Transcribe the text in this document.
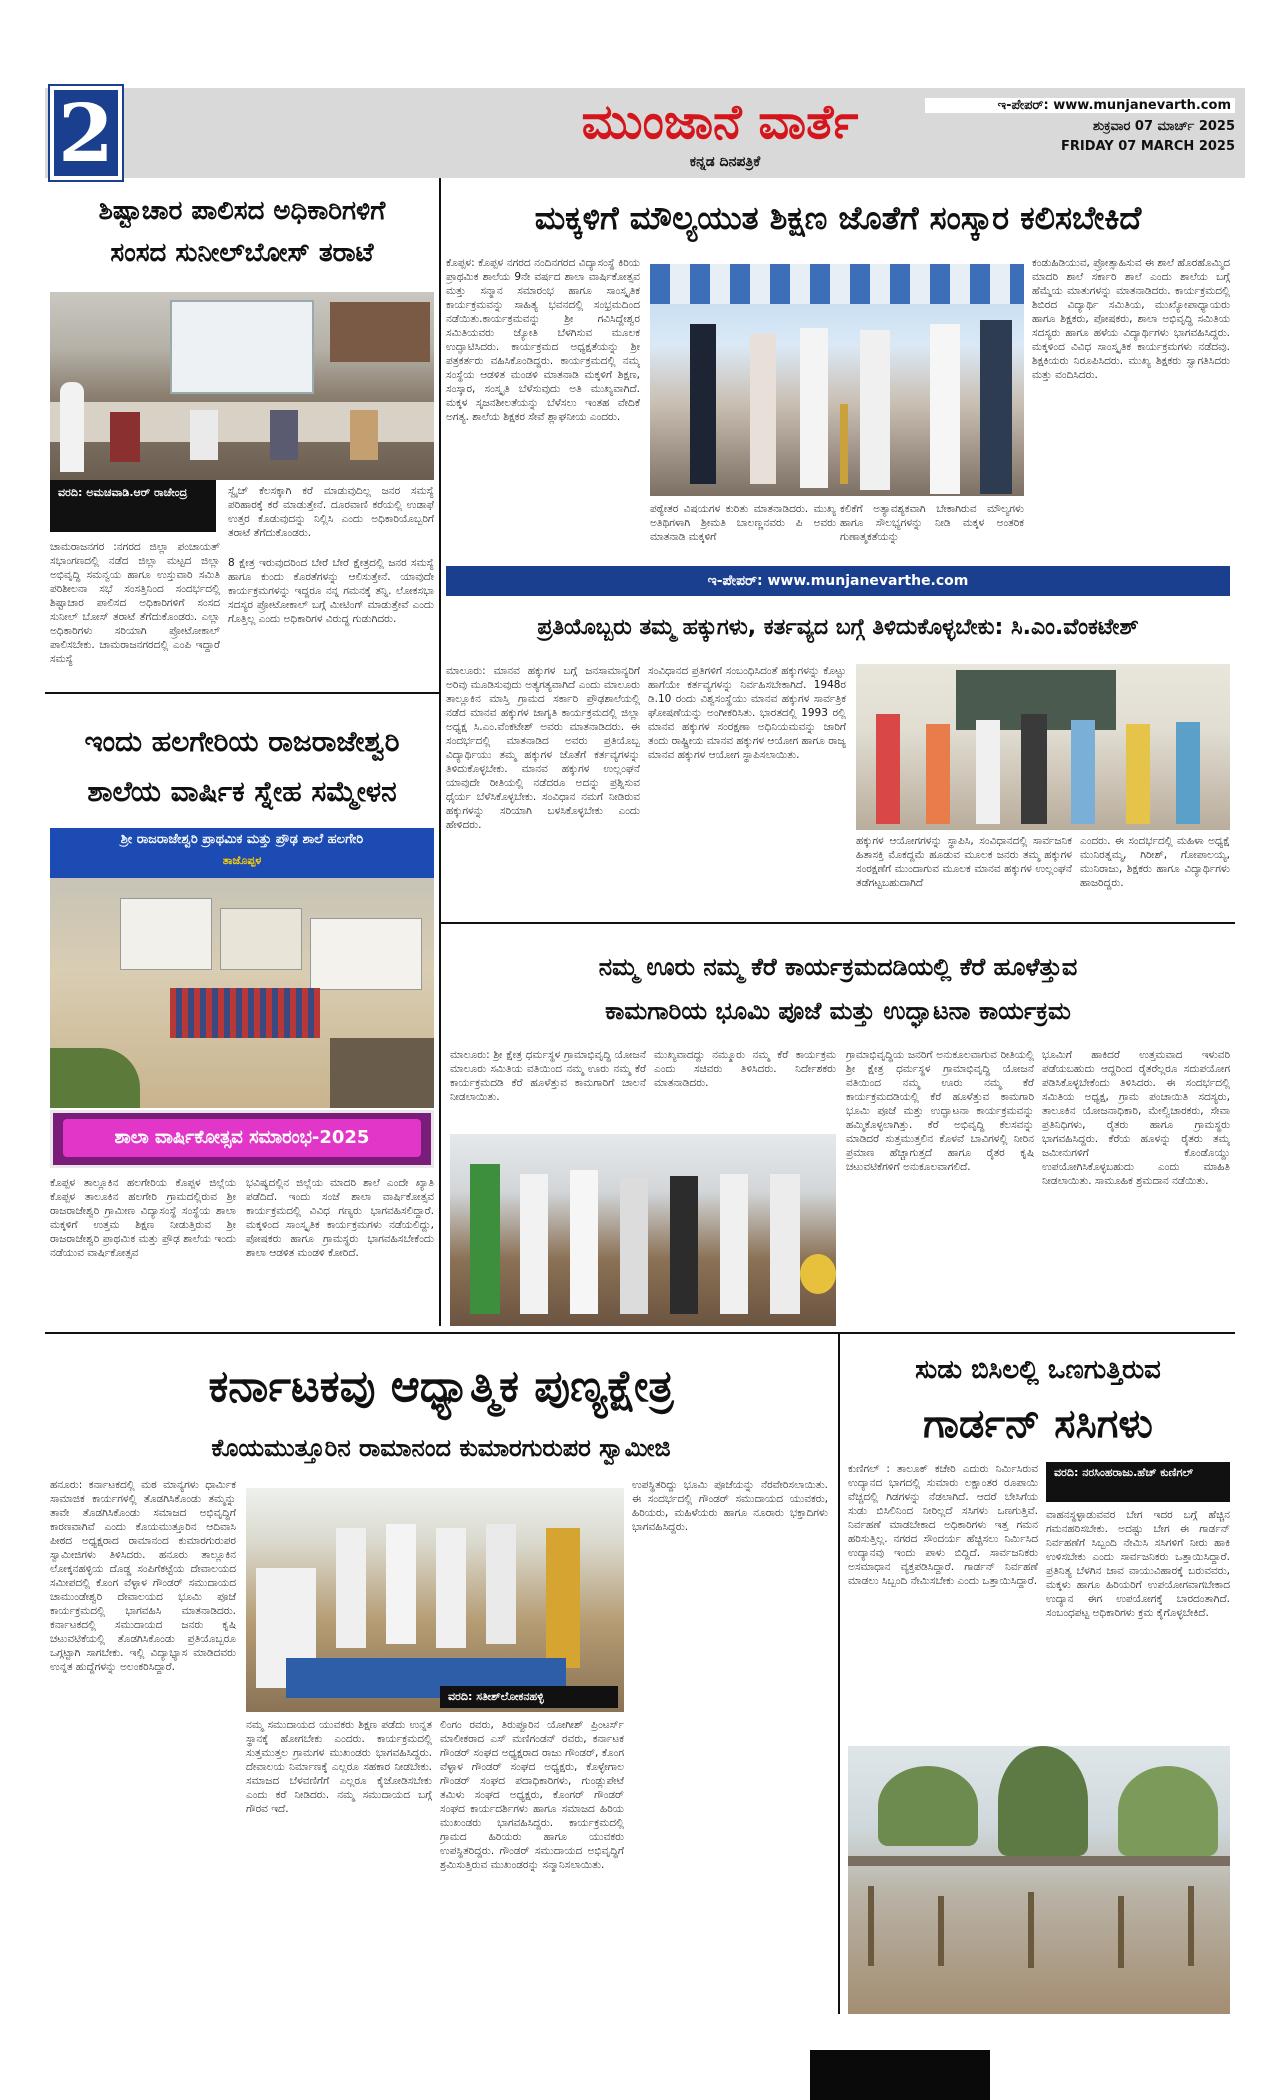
2	ಮುಂಜಾನೆ ವಾರ್ತೆ
ಕನ್ನಡ ದಿನಪತ್ರಿಕೆ
ಇ-ಪೇಪರ್: www.munjanevarth.com
ಶುಕ್ರವಾರ 07 ಮಾರ್ಚ್ 2025
FRIDAY 07 MARCH 2025
ಶಿಷ್ಟಾಚಾರ ಪಾಲಿಸದ ಅಧಿಕಾರಿಗಳಿಗೆ
ಸಂಸದ ಸುನೀಲ್‌ಬೋಸ್ ತರಾಟೆ
ವರದಿ: ಅಮಚವಾಡಿ.ಆರ್ ರಾಚೇಂದ್ರ	ಸ್ವೈಚ್ ಕೆಲಸಕ್ಕಾಗಿ ಕರೆ ಮಾಡುವುದಿಲ್ಲ ಜನರ ಸಮಸ್ಯೆ ಪರಿಹಾರಕ್ಕೆ ಕರೆ ಮಾಡುತ್ತೇನೆ. ದೂರವಾಣಿ ಕರೆಯಲ್ಲಿ ಉಡಾಫೆ ಉತ್ತರ ಕೊಡುವುದನ್ನು ನಿಲ್ಲಿಸಿ ಎಂದು ಅಧಿಕಾರಿಯೊಬ್ಬರಿಗೆ ತರಾಟೆ ತೆಗೆದುಕೊಂಡರು.
ಚಾಮರಾಜನಗರ :ನಗರದ ಜಿಲ್ಲಾ ಪಂಚಾಯತ್ ಸಭಾಂಗಣದಲ್ಲಿ ನಡೆದ ಜಿಲ್ಲಾ ಮಟ್ಟದ ಜಿಲ್ಲಾ ಅಭಿವೃದ್ಧಿ ಸಮನ್ವಯ ಹಾಗೂ ಉಸ್ತುವಾರಿ ಸಮಿತಿ ಪರಿಶೀಲನಾ ಸಭೆ ಸಂಸತ್ತಿನಿಂದ ಸಂದರ್ಭದಲ್ಲಿ ಶಿಷ್ಟಾಚಾರ ಪಾಲಿಸದ ಅಧಿಕಾರಿಗಳಿಗೆ ಸಂಸದ ಸುನೀಲ್ ಬೋಸ್ ತರಾಟೆ ತೆಗೆದುಕೊಂಡರು. ಎಲ್ಲಾ ಅಧಿಕಾರಿಗಳು ಸರಿಯಾಗಿ ಪ್ರೋಟೋಕಾಲ್ ಪಾಲಿಸಬೇಕು. ಚಾಮರಾಜನಗರದಲ್ಲಿ ಎಂಪಿ ಇದ್ದಾರೆ ಸಮಸ್ಯೆ
8 ಕ್ಷೇತ್ರ ಇರುವುದರಿಂದ ಬೇರೆ ಬೇರೆ ಕ್ಷೇತ್ರದಲ್ಲಿ ಜನರ ಸಮಸ್ಯೆ ಹಾಗೂ ಕುಂದು ಕೊರತೆಗಳನ್ನು ಆಲಿಸುತ್ತೇನೆ. ಯಾವುದೇ ಕಾರ್ಯಕ್ರಮಗಳನ್ನು ಇದ್ದರೂ ನನ್ನ ಗಮನಕ್ಕೆ ತನ್ನಿ. ಲೋಕಸಭಾ ಸದಸ್ಯರ ಪ್ರೋಟೋಕಾಲ್ ಬಗ್ಗೆ ಮೀಟಿಂಗ್ ಮಾಡುತ್ತೇವೆ ಎಂದು ಗೊತ್ತಿಲ್ಲ ಎಂದು ಅಧಿಕಾರಿಗಳ ವಿರುದ್ಧ ಗುಡುಗಿದರು.
ಮಕ್ಕಳಿಗೆ ಮೌಲ್ಯಯುತ ಶಿಕ್ಷಣ ಜೊತೆಗೆ ಸಂಸ್ಕಾರ ಕಲಿಸಬೇಕಿದೆ
ಕೊಪ್ಪಳ: ಕೊಪ್ಪಳ ನಗರದ ನಂದಿನಗರದ ವಿದ್ಯಾಸಂಸ್ಥೆ ಕಿರಿಯ ಪ್ರಾಥಮಿಕ ಶಾಲೆಯ 9ನೇ ವರ್ಷದ ಶಾಲಾ ವಾರ್ಷಿಕೋತ್ಸವ ಮತ್ತು ಸನ್ಮಾನ ಸಮಾರಂಭ ಹಾಗೂ ಸಾಂಸ್ಕೃತಿಕ ಕಾರ್ಯಕ್ರಮವನ್ನು ಸಾಹಿತ್ಯ ಭವನದಲ್ಲಿ ಸಂಭ್ರಮದಿಂದ ನಡೆಯಿತು.ಕಾರ್ಯಕ್ರಮವನ್ನು ಶ್ರೀ ಗವಿಸಿದ್ದೇಶ್ವರ ಸಮಿತಿಯವರು ಜ್ಯೋತಿ ಬೆಳಗಿಸುವ ಮೂಲಕ ಉದ್ಘಾಟಿಸಿದರು. ಕಾರ್ಯಕ್ರಮದ ಅಧ್ಯಕ್ಷತೆಯನ್ನು ಶ್ರೀ ಪತ್ರಕರ್ತರು ವಹಿಸಿಕೊಂಡಿದ್ದರು. ಕಾರ್ಯಕ್ರಮದಲ್ಲಿ ನಮ್ಮ ಸಂಸ್ಥೆಯ ಆಡಳಿತ ಮಂಡಳಿ ಮಾತನಾಡಿ ಮಕ್ಕಳಿಗೆ ಶಿಕ್ಷಣ, ಸಂಸ್ಕಾರ, ಸಂಸ್ಕೃತಿ ಬೆಳೆಸುವುದು ಅತಿ ಮುಖ್ಯವಾಗಿದೆ. ಮಕ್ಕಳ ಸೃಜನಶೀಲತೆಯನ್ನು ಬೆಳೆಸಲು ಇಂತಹ ವೇದಿಕೆ ಅಗತ್ಯ. ಶಾಲೆಯ ಶಿಕ್ಷಕರ ಸೇವೆ ಶ್ಲಾಘನೀಯ ಎಂದರು.
ಪಠ್ಯೇತರ ವಿಷಯಗಳ ಕುರಿತು ಮಾತನಾಡಿದರು. ಮುಖ್ಯ ಅತಿಥಿಗಳಾಗಿ ಶ್ರೀಮತಿ ಬಾಲಣ್ಣನವರು ಪಿ ಅವರು ಮಾತನಾಡಿ ಮಕ್ಕಳಿಗೆ
ಕಲಿಕೆಗೆ ಅತ್ಯಾವಶ್ಯಕವಾಗಿ ಬೇಕಾಗಿರುವ ಮೌಲ್ಯಗಳು ಹಾಗೂ ಸೌಲಭ್ಯಗಳನ್ನು ನೀಡಿ ಮಕ್ಕಳ ಅಂತರಿಕ ಗುಣಾತ್ಮಕತೆಯನ್ನು
ಕಂಡುಹಿಡಿಯುವ, ಪ್ರೋತ್ಸಾಹಿಸುವ ಈ ಶಾಲೆ ಹೊರಹೊಮ್ಮಿದ ಮಾದರಿ ಶಾಲೆ ಸರ್ಕಾರಿ ಶಾಲೆ ಎಂದು ಶಾಲೆಯ ಬಗ್ಗೆ ಹೆಮ್ಮೆಯ ಮಾತುಗಳನ್ನು ಮಾತನಾಡಿದರು. ಕಾರ್ಯಕ್ರಮದಲ್ಲಿ ಶಿಬಿರದ ವಿದ್ಯಾರ್ಥಿ ಸಮಿತಿಯ, ಮುಖ್ಯೋಪಾಧ್ಯಾಯರು ಹಾಗೂ ಶಿಕ್ಷಕರು, ಪೋಷಕರು, ಶಾಲಾ ಅಭಿವೃದ್ಧಿ ಸಮಿತಿಯ ಸದಸ್ಯರು ಹಾಗೂ ಹಳೆಯ ವಿದ್ಯಾರ್ಥಿಗಳು ಭಾಗವಹಿಸಿದ್ದರು. ಮಕ್ಕಳಿಂದ ವಿವಿಧ ಸಾಂಸ್ಕೃತಿಕ ಕಾರ್ಯಕ್ರಮಗಳು ನಡೆದವು. ಶಿಕ್ಷಕಿಯರು ನಿರೂಪಿಸಿದರು. ಮುಖ್ಯ ಶಿಕ್ಷಕರು ಸ್ವಾಗತಿಸಿದರು ಮತ್ತು ವಂದಿಸಿದರು.
ಇ-ಪೇಪರ್: www.munjanevarthe.com
ಪ್ರತಿಯೊಬ್ಬರು ತಮ್ಮ ಹಕ್ಕುಗಳು, ಕರ್ತವ್ಯದ ಬಗ್ಗೆ ತಿಳಿದುಕೊಳ್ಳಬೇಕು: ಸಿ.ಎಂ.ವೆಂಕಟೇಶ್
ಮಾಲೂರು: ಮಾನವ ಹಕ್ಕುಗಳ ಬಗ್ಗೆ ಜನಸಾಮಾನ್ಯರಿಗೆ ಅರಿವು ಮೂಡಿಸುವುದು ಅತ್ಯಗತ್ಯವಾಗಿದೆ ಎಂದು ಮಾಲೂರು ತಾಲ್ಲೂಕಿನ ಮಾಸ್ತಿ ಗ್ರಾಮದ ಸರ್ಕಾರಿ ಪ್ರೌಢಶಾಲೆಯಲ್ಲಿ ನಡೆದ ಮಾನವ ಹಕ್ಕುಗಳ ಜಾಗೃತಿ ಕಾರ್ಯಕ್ರಮದಲ್ಲಿ ಜಿಲ್ಲಾ ಅಧ್ಯಕ್ಷ ಸಿ.ಎಂ.ವೆಂಕಟೇಶ್ ಅವರು ಮಾತನಾಡಿದರು. ಈ ಸಂದರ್ಭದಲ್ಲಿ ಮಾತನಾಡಿದ ಅವರು ಪ್ರತಿಯೊಬ್ಬ ವಿದ್ಯಾರ್ಥಿಯು ತಮ್ಮ ಹಕ್ಕುಗಳ ಜೊತೆಗೆ ಕರ್ತವ್ಯಗಳನ್ನು ತಿಳಿದುಕೊಳ್ಳಬೇಕು. ಮಾನವ ಹಕ್ಕುಗಳ ಉಲ್ಲಂಘನೆ ಯಾವುದೇ ರೀತಿಯಲ್ಲಿ ನಡೆದರೂ ಅದನ್ನು ಪ್ರಶ್ನಿಸುವ ಧೈರ್ಯ ಬೆಳೆಸಿಕೊಳ್ಳಬೇಕು. ಸಂವಿಧಾನ ನಮಗೆ ನೀಡಿರುವ ಹಕ್ಕುಗಳನ್ನು ಸರಿಯಾಗಿ ಬಳಸಿಕೊಳ್ಳಬೇಕು ಎಂದು ಹೇಳಿದರು.
ಸಂವಿಧಾನದ ಪ್ರತಿಗಳಿಗೆ ಸಂಬಂಧಿಸಿದಂತೆ ಹಕ್ಕುಗಳನ್ನು ಕೊಟ್ಟು ಹಾಗೆಯೇ ಕರ್ತವ್ಯಗಳನ್ನು ನಿರ್ವಹಿಸಬೇಕಾಗಿದೆ. 1948ರ ಡಿ.10 ರಂದು ವಿಶ್ವಸಂಸ್ಥೆಯು ಮಾನವ ಹಕ್ಕುಗಳ ಸಾರ್ವತ್ರಿಕ ಘೋಷಣೆಯನ್ನು ಅಂಗೀಕರಿಸಿತು. ಭಾರತದಲ್ಲಿ 1993 ರಲ್ಲಿ ಮಾನವ ಹಕ್ಕುಗಳ ಸಂರಕ್ಷಣಾ ಅಧಿನಿಯಮವನ್ನು ಜಾರಿಗೆ ತಂದು ರಾಷ್ಟ್ರೀಯ ಮಾನವ ಹಕ್ಕುಗಳ ಆಯೋಗ ಹಾಗೂ ರಾಜ್ಯ ಮಾನವ ಹಕ್ಕುಗಳ ಆಯೋಗ ಸ್ಥಾಪಿಸಲಾಯಿತು.
ಹಕ್ಕುಗಳ ಆಯೋಗಗಳನ್ನು ಸ್ಥಾಪಿಸಿ, ಸಂವಿಧಾನದಲ್ಲಿ ಸಾರ್ವಜನಿಕ ಹಿತಾಸಕ್ತಿ ಮೊಕದ್ದಮೆ ಹೂಡುವ ಮೂಲಕ ಜನರು ತಮ್ಮ ಹಕ್ಕುಗಳ ಸಂರಕ್ಷಣೆಗೆ ಮುಂದಾಗುವ ಮೂಲಕ ಮಾನವ ಹಕ್ಕುಗಳ ಉಲ್ಲಂಘನೆ ತಡೆಗಟ್ಟಬಹುದಾಗಿದೆ
ಎಂದರು. ಈ ಸಂದರ್ಭದಲ್ಲಿ ಮಹಿಳಾ ಅಧ್ಯಕ್ಷೆ ಮುನಿರತ್ನಮ್ಮ, ಗಿರೀಶ್, ಗೋಪಾಲಯ್ಯ, ಮುನಿರಾಜು, ಶಿಕ್ಷಕರು ಹಾಗೂ ವಿದ್ಯಾರ್ಥಿಗಳು ಹಾಜರಿದ್ದರು.
ಇಂದು ಹಲಗೇರಿಯ ರಾಜರಾಜೇಶ್ವರಿ
ಶಾಲೆಯ ವಾರ್ಷಿಕ ಸ್ನೇಹ ಸಮ್ಮೇಳನ
ಶ್ರೀ ರಾಜರಾಜೇಶ್ವರಿ ಪ್ರಾಥಮಿಕ ಮತ್ತು ಪ್ರೌಢ ಶಾಲೆ ಹಲಗೇರಿ
ತಾಜೊಪ್ಪಳ
ಶಾಲಾ ವಾರ್ಷಿಕೋತ್ಸವ ಸಮಾರಂಭ-2025
ಕೊಪ್ಪಳ ತಾಲ್ಲೂಕಿನ ಹಲಗೇರಿಯ ಕೊಪ್ಪಳ ಜಿಲ್ಲೆಯ ಕೊಪ್ಪಳ ತಾಲೂಕಿನ ಹಲಗೇರಿ ಗ್ರಾಮದಲ್ಲಿರುವ ಶ್ರೀ ರಾಜರಾಜೇಶ್ವರಿ ಗ್ರಾಮೀಣ ವಿದ್ಯಾಸಂಸ್ಥೆ ಸಂಸ್ಥೆಯ ಶಾಲಾ ಮಕ್ಕಳಿಗೆ ಉತ್ತಮ ಶಿಕ್ಷಣ ನೀಡುತ್ತಿರುವ ಶ್ರೀ ರಾಜರಾಜೇಶ್ವರಿ ಪ್ರಾಥಮಿಕ ಮತ್ತು ಪ್ರೌಢ ಶಾಲೆಯ ಇಂದು ನಡೆಯುವ ವಾರ್ಷಿಕೋತ್ಸವ
ಭವಿಷ್ಯದಲ್ಲಿನ ಜಿಲ್ಲೆಯ ಮಾದರಿ ಶಾಲೆ ಎಂದೇ ಖ್ಯಾತಿ ಪಡೆದಿದೆ. ಇಂದು ಸಂಜೆ ಶಾಲಾ ವಾರ್ಷಿಕೋತ್ಸವ ಕಾರ್ಯಕ್ರಮದಲ್ಲಿ ವಿವಿಧ ಗಣ್ಯರು ಭಾಗವಹಿಸಲಿದ್ದಾರೆ. ಮಕ್ಕಳಿಂದ ಸಾಂಸ್ಕೃತಿಕ ಕಾರ್ಯಕ್ರಮಗಳು ನಡೆಯಲಿದ್ದು, ಪೋಷಕರು ಹಾಗೂ ಗ್ರಾಮಸ್ಥರು ಭಾಗವಹಿಸಬೇಕೆಂದು ಶಾಲಾ ಆಡಳಿತ ಮಂಡಳಿ ಕೋರಿದೆ.
ನಮ್ಮ ಊರು ನಮ್ಮ ಕೆರೆ ಕಾರ್ಯಕ್ರಮದಡಿಯಲ್ಲಿ ಕೆರೆ ಹೂಳೆತ್ತುವ
ಕಾಮಗಾರಿಯ ಭೂಮಿ ಪೂಜೆ ಮತ್ತು ಉದ್ಘಾಟನಾ ಕಾರ್ಯಕ್ರಮ
ಮಾಲೂರು: ಶ್ರೀ ಕ್ಷೇತ್ರ ಧರ್ಮಸ್ಥಳ ಗ್ರಾಮಾಭಿವೃದ್ಧಿ ಯೋಜನೆ ಮಾಲೂರು ಸಮಿತಿಯ ವತಿಯಿಂದ ನಮ್ಮ ಊರು ನಮ್ಮ ಕೆರೆ ಕಾರ್ಯಕ್ರಮದಡಿ ಕೆರೆ ಹೂಳೆತ್ತುವ ಕಾಮಗಾರಿಗೆ ಚಾಲನೆ ನೀಡಲಾಯಿತು.
ಮುಖ್ಯವಾದದ್ದು ನಮ್ಮೂರು ನಮ್ಮ ಕೆರೆ ಕಾರ್ಯಕ್ರಮ ಎಂದು ಸಚಿವರು ತಿಳಿಸಿದರು. ನಿರ್ದೇಶಕರು ಮಾತನಾಡಿದರು.
ಗ್ರಾಮಾಭಿವೃದ್ಧಿಯ ಜನರಿಗೆ ಅನುಕೂಲವಾಗುವ ರೀತಿಯಲ್ಲಿ ಶ್ರೀ ಕ್ಷೇತ್ರ ಧರ್ಮಸ್ಥಳ ಗ್ರಾಮಾಭಿವೃದ್ಧಿ ಯೋಜನೆ ವತಿಯಿಂದ ನಮ್ಮ ಊರು ನಮ್ಮ ಕೆರೆ ಕಾರ್ಯಕ್ರಮದಡಿಯಲ್ಲಿ ಕೆರೆ ಹೂಳೆತ್ತುವ ಕಾಮಗಾರಿ ಭೂಮಿ ಪೂಜೆ ಮತ್ತು ಉದ್ಘಾಟನಾ ಕಾರ್ಯಕ್ರಮವನ್ನು ಹಮ್ಮಿಕೊಳ್ಳಲಾಗಿತ್ತು. ಕೆರೆ ಅಭಿವೃದ್ಧಿ ಕೆಲಸವನ್ನು ಮಾಡಿದರೆ ಸುತ್ತಮುತ್ತಲಿನ ಕೊಳವೆ ಬಾವಿಗಳಲ್ಲಿ ನೀರಿನ ಪ್ರಮಾಣ ಹೆಚ್ಚಾಗುತ್ತದೆ ಹಾಗೂ ರೈತರ ಕೃಷಿ ಚಟುವಟಿಕೆಗಳಿಗೆ ಅನುಕೂಲವಾಗಲಿದೆ.
ಭೂಮಿಗೆ ಹಾಕಿದರೆ ಉತ್ತಮವಾದ ಇಳುವರಿ ಪಡೆಯಬಹುದು ಆದ್ದರಿಂದ ರೈತರೆಲ್ಲರೂ ಸದುಪಯೋಗ ಪಡಿಸಿಕೊಳ್ಳಬೇಕೆಂದು ತಿಳಿಸಿದರು. ಈ ಸಂದರ್ಭದಲ್ಲಿ ಸಮಿತಿಯ ಅಧ್ಯಕ್ಷ, ಗ್ರಾಮ ಪಂಚಾಯಿತಿ ಸದಸ್ಯರು, ತಾಲೂಕಿನ ಯೋಜನಾಧಿಕಾರಿ, ಮೇಲ್ವಿಚಾರಕರು, ಸೇವಾ ಪ್ರತಿನಿಧಿಗಳು, ರೈತರು ಹಾಗೂ ಗ್ರಾಮಸ್ಥರು ಭಾಗವಹಿಸಿದ್ದರು. ಕೆರೆಯ ಹೂಳನ್ನು ರೈತರು ತಮ್ಮ ಜಮೀನುಗಳಿಗೆ ಕೊಂಡೊಯ್ದು ಉಪಯೋಗಿಸಿಕೊಳ್ಳಬಹುದು ಎಂದು ಮಾಹಿತಿ ನೀಡಲಾಯಿತು. ಸಾಮೂಹಿಕ ಶ್ರಮದಾನ ನಡೆಯಿತು.
ಕರ್ನಾಟಕವು ಆಧ್ಯಾತ್ಮಿಕ ಪುಣ್ಯಕ್ಷೇತ್ರ
ಕೊಯಮುತ್ತೂರಿನ ರಾಮಾನಂದ ಕುಮಾರಗುರುಪರ ಸ್ವಾಮೀಜಿ
ಹನೂರು: ಕರ್ನಾಟಕದಲ್ಲಿ ಮಠ ಮಾನ್ಯಗಳು ಧಾರ್ಮಿಕ ಸಾಮಾಜಿಕ ಕಾರ್ಯಗಳಲ್ಲಿ ತೊಡಗಿಸಿಕೊಂಡು ತಮ್ಮನ್ನು ತಾವೇ ತೊಡಗಿಸಿಕೊಂಡು ಸಮಾಜದ ಅಭಿವೃದ್ಧಿಗೆ ಕಾರಣವಾಗಿವೆ ಎಂದು ಕೊಯಮುತ್ತೂರಿನ ಆದಿವಾಸಿ ಪೀಠದ ಅಧ್ಯಕ್ಷರಾದ ರಾಮಾನಂದ ಕುಮಾರಗುರುಪರ ಸ್ವಾಮೀಜಿಗಳು ತಿಳಿಸಿದರು. ಹನೂರು ತಾಲ್ಲೂಕಿನ ಲೋಕ್ಕನಹಳ್ಳಿಯ ದೊಡ್ಡ ಸಂಪಿಗೆಕಟ್ಟೆಯ ದೇವಾಲಯದ ಸಮೀಪದಲ್ಲಿ ಕೊಂಗ ವೆಳ್ಳಾಳ ಗೌಂಡರ್ ಸಮುದಾಯದ ಚಾಮುಂಡೇಶ್ವರಿ ದೇವಾಲಯದ ಭೂಮಿ ಪೂಜೆ ಕಾರ್ಯಕ್ರಮದಲ್ಲಿ ಭಾಗವಹಿಸಿ ಮಾತನಾಡಿದರು. ಕರ್ನಾಟಕದಲ್ಲಿ ಸಮುದಾಯದ ಜನರು ಕೃಷಿ ಚಟುವಟಿಕೆಯಲ್ಲಿ ತೊಡಗಿಸಿಕೊಂಡು ಪ್ರತಿಯೊಬ್ಬರೂ ಒಗ್ಗಟ್ಟಾಗಿ ಸಾಗಬೇಕು. ಇಲ್ಲಿ ವಿದ್ಯಾಭ್ಯಾಸ ಮಾಡಿದವರು ಉನ್ನತ ಹುದ್ದೆಗಳನ್ನು ಅಲಂಕರಿಸಿದ್ದಾರೆ.
ವರದಿ: ಸತೀಶ್‌ಲೋಕನಹಳ್ಳಿ
ನಮ್ಮ ಸಮುದಾಯದ ಯುವಕರು ಶಿಕ್ಷಣ ಪಡೆದು ಉನ್ನತ ಸ್ಥಾನಕ್ಕೆ ಹೋಗಬೇಕು ಎಂದರು. ಕಾರ್ಯಕ್ರಮದಲ್ಲಿ ಸುತ್ತಮುತ್ತಲ ಗ್ರಾಮಗಳ ಮುಖಂಡರು ಭಾಗವಹಿಸಿದ್ದರು. ದೇವಾಲಯ ನಿರ್ಮಾಣಕ್ಕೆ ಎಲ್ಲರೂ ಸಹಕಾರ ನೀಡಬೇಕು. ಸಮಾಜದ ಬೆಳವಣಿಗೆಗೆ ಎಲ್ಲರೂ ಕೈಜೋಡಿಸಬೇಕು ಎಂದು ಕರೆ ನೀಡಿದರು. ನಮ್ಮ ಸಮುದಾಯದ ಬಗ್ಗೆ ಗೌರವ ಇದೆ.
ಲಿಂಗಂ ರವರು, ತಿರುಪ್ಪೂರಿನ ಯೋಗೀಶ್ ಪ್ರಿಂಟರ್ಸ್ ಮಾಲೀಕರಾದ ಎಸ್ ಮಣಿಗಂಡನ್ ರವರು, ಕರ್ನಾಟಕ ಗೌಂಡರ್ ಸಂಘದ ಅಧ್ಯಕ್ಷರಾದ ರಾಜು ಗೌಂಡರ್, ಕೊಂಗ ವೆಳ್ಳಾಳ ಗೌಂಡರ್ ಸಂಘದ ಅಧ್ಯಕ್ಷರು, ಕೊಳ್ಳೇಗಾಲ ಗೌಂಡರ್ ಸಂಘದ ಪದಾಧಿಕಾರಿಗಳು, ಗುಂಡ್ಲುಪೇಟೆ ತಮಿಳು ಸಂಘದ ಅಧ್ಯಕ್ಷರು, ಕೊಂಗರ್ ಗೌಂಡರ್ ಸಂಘದ ಕಾರ್ಯದರ್ಶಿಗಳು ಹಾಗೂ ಸಮಾಜದ ಹಿರಿಯ ಮುಖಂಡರು ಭಾಗವಹಿಸಿದ್ದರು. ಕಾರ್ಯಕ್ರಮದಲ್ಲಿ ಗ್ರಾಮದ ಹಿರಿಯರು ಹಾಗೂ ಯುವಕರು ಉಪಸ್ಥಿತರಿದ್ದರು. ಗೌಂಡರ್ ಸಮುದಾಯದ ಅಭಿವೃದ್ಧಿಗೆ ಶ್ರಮಿಸುತ್ತಿರುವ ಮುಖಂಡರನ್ನು ಸನ್ಮಾನಿಸಲಾಯಿತು.
ಉಪಸ್ಥಿತರಿದ್ದು ಭೂಮಿ ಪೂಜೆಯನ್ನು ನೆರವೇರಿಸಲಾಯಿತು. ಈ ಸಂದರ್ಭದಲ್ಲಿ ಗೌಂಡರ್ ಸಮುದಾಯದ ಯುವಕರು, ಹಿರಿಯರು, ಮಹಿಳೆಯರು ಹಾಗೂ ನೂರಾರು ಭಕ್ತಾದಿಗಳು ಭಾಗವಹಿಸಿದ್ದರು.
ಸುಡು ಬಿಸಿಲಲ್ಲಿ ಒಣಗುತ್ತಿರುವ
ಗಾರ್ಡನ್ ಸಸಿಗಳು
ಕುಣಿಗಲ್ : ತಾಲೂಕ್ ಕಚೇರಿ ಎದುರು ನಿರ್ಮಿಸಿರುವ ಉದ್ಯಾನದ ಭಾಗದಲ್ಲಿ ಸುಮಾರು ಲಕ್ಷಾಂತರ ರೂಪಾಯಿ ವೆಚ್ಚದಲ್ಲಿ ಗಿಡಗಳನ್ನು ನೆಡಲಾಗಿದೆ. ಆದರೆ ಬೇಸಿಗೆಯ ಸುಡು ಬಿಸಿಲಿನಿಂದ ನೀರಿಲ್ಲದೆ ಸಸಿಗಳು ಒಣಗುತ್ತಿವೆ. ನಿರ್ವಹಣೆ ಮಾಡಬೇಕಾದ ಅಧಿಕಾರಿಗಳು ಇತ್ತ ಗಮನ ಹರಿಸುತ್ತಿಲ್ಲ. ನಗರದ ಸೌಂದರ್ಯ ಹೆಚ್ಚಿಸಲು ನಿರ್ಮಿಸಿದ ಉದ್ಯಾನವು ಇಂದು ಪಾಳು ಬಿದ್ದಿದೆ. ಸಾರ್ವಜನಿಕರು ಅಸಮಾಧಾನ ವ್ಯಕ್ತಪಡಿಸಿದ್ದಾರೆ. ಗಾರ್ಡನ್ ನಿರ್ವಹಣೆ ಮಾಡಲು ಸಿಬ್ಬಂದಿ ನೇಮಿಸಬೇಕು ಎಂದು ಒತ್ತಾಯಿಸಿದ್ದಾರೆ.
ವರದಿ: ನರಸಿಂಹರಾಜು.ಹೆಚ್ ಕುಣಿಗಲ್
ವಾಹನಸ್ಥಳ್ಳಾಡುವವರ ಬೇಗ ಇದರ ಬಗ್ಗೆ ಹೆಚ್ಚಿನ ಗಮನಹರಿಸಬೇಕು. ಅದಷ್ಟು ಬೇಗ ಈ ಗಾರ್ಡನ್ ನಿರ್ವಹಣೆಗೆ ಸಿಬ್ಬಂದಿ ನೇಮಿಸಿ ಸಸಿಗಳಿಗೆ ನೀರು ಹಾಕಿ ಉಳಿಸಬೇಕು ಎಂದು ಸಾರ್ವಜನಿಕರು ಒತ್ತಾಯಿಸಿದ್ದಾರೆ. ಪ್ರತಿನಿತ್ಯ ಬೆಳಗಿನ ಜಾವ ವಾಯುವಿಹಾರಕ್ಕೆ ಬರುವವರು, ಮಕ್ಕಳು ಹಾಗೂ ಹಿರಿಯರಿಗೆ ಉಪಯೋಗವಾಗಬೇಕಾದ ಉದ್ಯಾನ ಈಗ ಉಪಯೋಗಕ್ಕೆ ಬಾರದಂತಾಗಿದೆ. ಸಂಬಂಧಪಟ್ಟ ಅಧಿಕಾರಿಗಳು ಕ್ರಮ ಕೈಗೊಳ್ಳಬೇಕಿದೆ.
